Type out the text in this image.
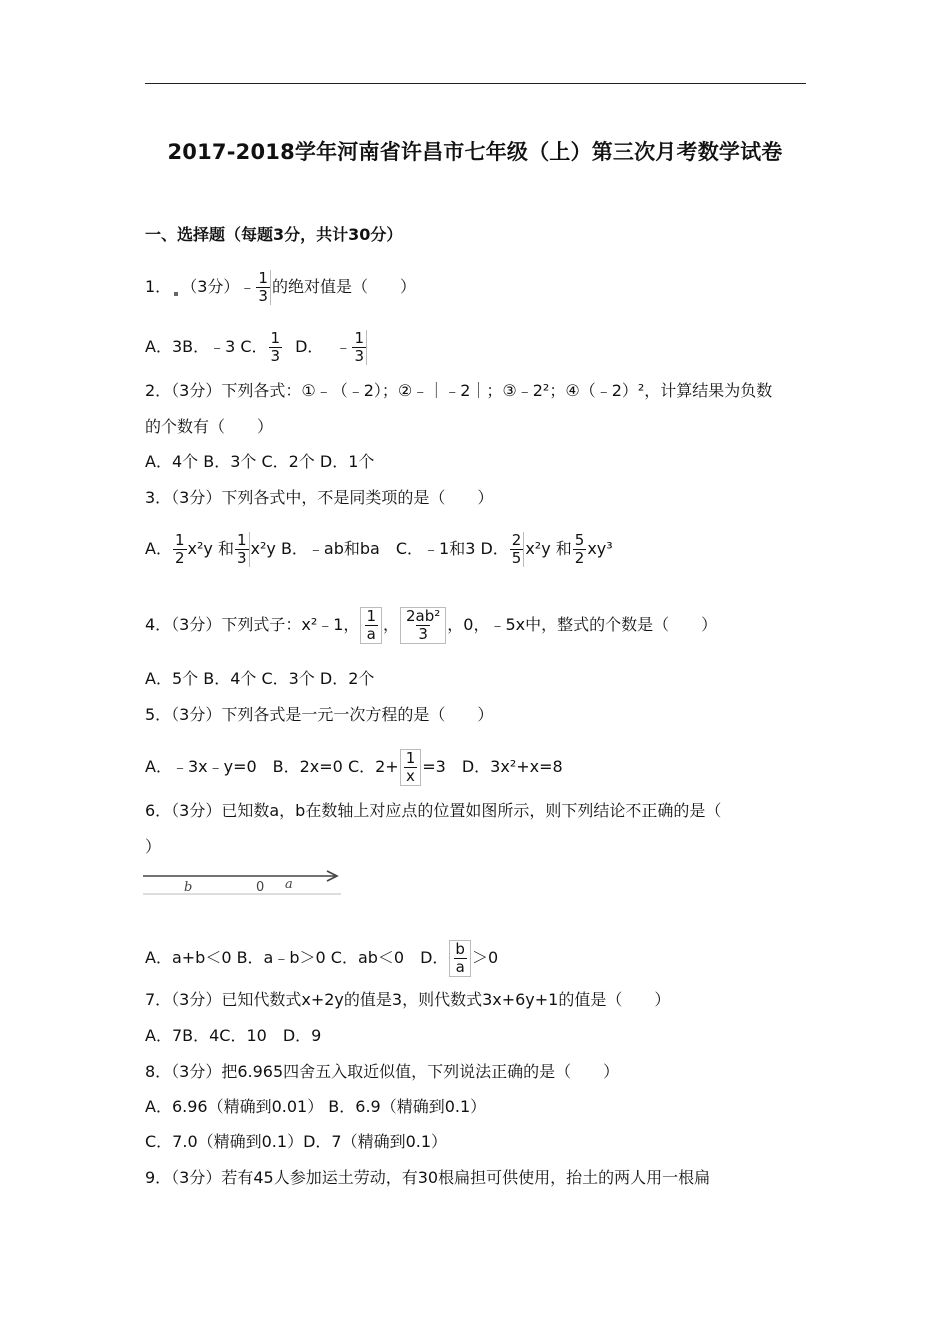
2017-2018学年河南省许昌市七年级（上）第三次月考数学试卷
一、选择题（每题3分，共计30分）
1． （3分）﹣ $\frac{1}{3}$ 的绝对值是（　　）
A．3B．﹣3 C． $\frac{1}{3}$ D． ﹣ $\frac{1}{3}$
2．（3分）下列各式：①﹣（﹣2）；②﹣｜﹣2｜；③﹣2²；④（﹣2）²，计算结果为负数
的个数有（　　）
A．4个 B．3个 C．2个 D．1个
3．（3分）下列各式中，不是同类项的是（　　）
A． $\frac{1}{2} x^2y$ 和 $\frac{1}{3} x^2y$ B．﹣ab和ba　C．﹣1和3 D． $\frac{2}{5} x^2y$ 和 $\frac{5}{2} xy^3$
4．（3分）下列式子：x²﹣1， $\frac{1}{a}$ ， $\frac{\text{2ab²}}{3}$ ，0，﹣5x中，整式的个数是（　　）
A．5个 B．4个 C．3个 D．2个
5．（3分）下列各式是一元一次方程的是（　　）
A．﹣3x﹣y=0　B．2x=0 C．$2+ \frac{1}{x} =3$　D．3x²+x=8
6．（3分）已知数a，b在数轴上对应点的位置如图所示，则下列结论不正确的是（
）
b	0 a
A．a+b＜0 B．a﹣b＞0 C．ab＜0　D． $\frac{b}{a} >0$
7．（3分）已知代数式x+2y的值是3，则代数式3x+6y+1的值是（　　）
A．7B．4C．10　D．9
8．（3分）把6.965四舍五入取近似值，下列说法正确的是（　　）
A．6.96（精确到0.01） B．6.9（精确到0.1）
C．7.0（精确到0.1）D．7（精确到0.1）
9．（3分）若有45人参加运土劳动，有30根扁担可供使用，抬土的两人用一根扁
